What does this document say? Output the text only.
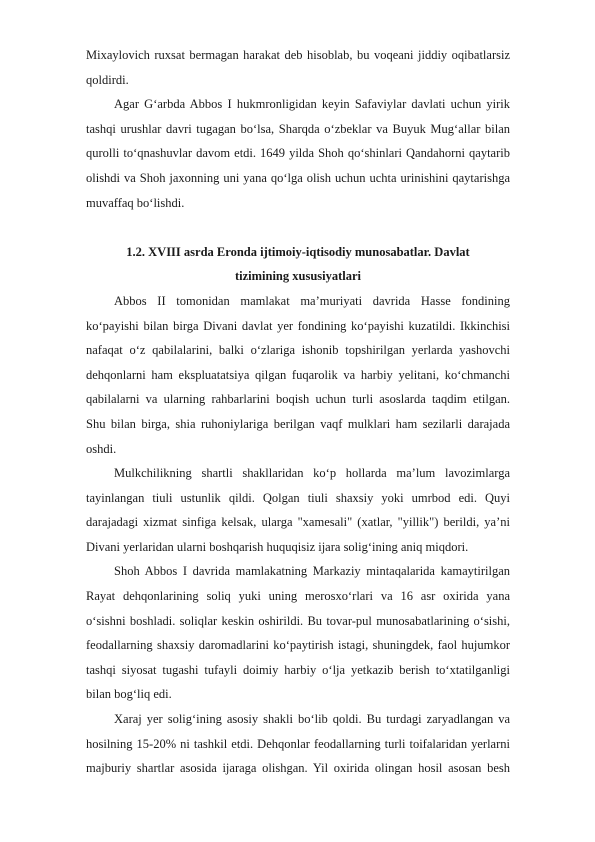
Mixaylovich ruxsat bermagan harakat deb hisoblab, bu voqeani jiddiy oqibatlarsiz
qoldirdi.
Agar G‘arbda Abbos I hukmronligidan keyin Safaviylar davlati uchun yirik
tashqi urushlar davri tugagan bo‘lsa, Sharqda o‘zbeklar va Buyuk Mug‘allar bilan
qurolli to‘qnashuvlar davom etdi. 1649 yilda Shoh qo‘shinlari Qandahorni qaytarib
olishdi va Shoh jaxonning uni yana qo‘lga olish uchun uchta urinishini qaytarishga
muvaffaq bo‘lishdi.
1.2. XVIII asrda Eronda ijtimoiy-iqtisodiy munosabatlar. Davlat
tizimining xususiyatlari
Abbos II tomonidan mamlakat ma’muriyati davrida Hasse fondining
ko‘payishi bilan birga Divani davlat yer fondining ko‘payishi kuzatildi. Ikkinchisi
nafaqat o‘z qabilalarini, balki o‘zlariga ishonib topshirilgan yerlarda yashovchi
dehqonlarni ham ekspluatatsiya qilgan fuqarolik va harbiy yelitani, ko‘chmanchi
qabilalarni va ularning rahbarlarini boqish uchun turli asoslarda taqdim etilgan.
Shu bilan birga, shia ruhoniylariga berilgan vaqf mulklari ham sezilarli darajada
oshdi.
Mulkchilikning shartli shakllaridan ko‘p hollarda ma’lum lavozimlarga
tayinlangan tiuli ustunlik qildi. Qolgan tiuli shaxsiy yoki umrbod edi. Quyi
darajadagi xizmat sinfiga kelsak, ularga "xamesali" (xatlar, "yillik") berildi, ya’ni
Divani yerlaridan ularni boshqarish huquqisiz ijara solig‘ining aniq miqdori.
Shoh Abbos I davrida mamlakatning Markaziy mintaqalarida kamaytirilgan
Rayat dehqonlarining soliq yuki uning merosxo‘rlari va 16 asr oxirida yana
o‘sishni boshladi. soliqlar keskin oshirildi. Bu tovar-pul munosabatlarining o‘sishi,
feodallarning shaxsiy daromadlarini ko‘paytirish istagi, shuningdek, faol hujumkor
tashqi siyosat tugashi tufayli doimiy harbiy o‘lja yetkazib berish to‘xtatilganligi
bilan bog‘liq edi.
Xaraj yer solig‘ining asosiy shakli bo‘lib qoldi. Bu turdagi zaryadlangan va
hosilning 15-20% ni tashkil etdi. Dehqonlar feodallarning turli toifalaridan yerlarni
majburiy shartlar asosida ijaraga olishgan. Yil oxirida olingan hosil asosan besh
